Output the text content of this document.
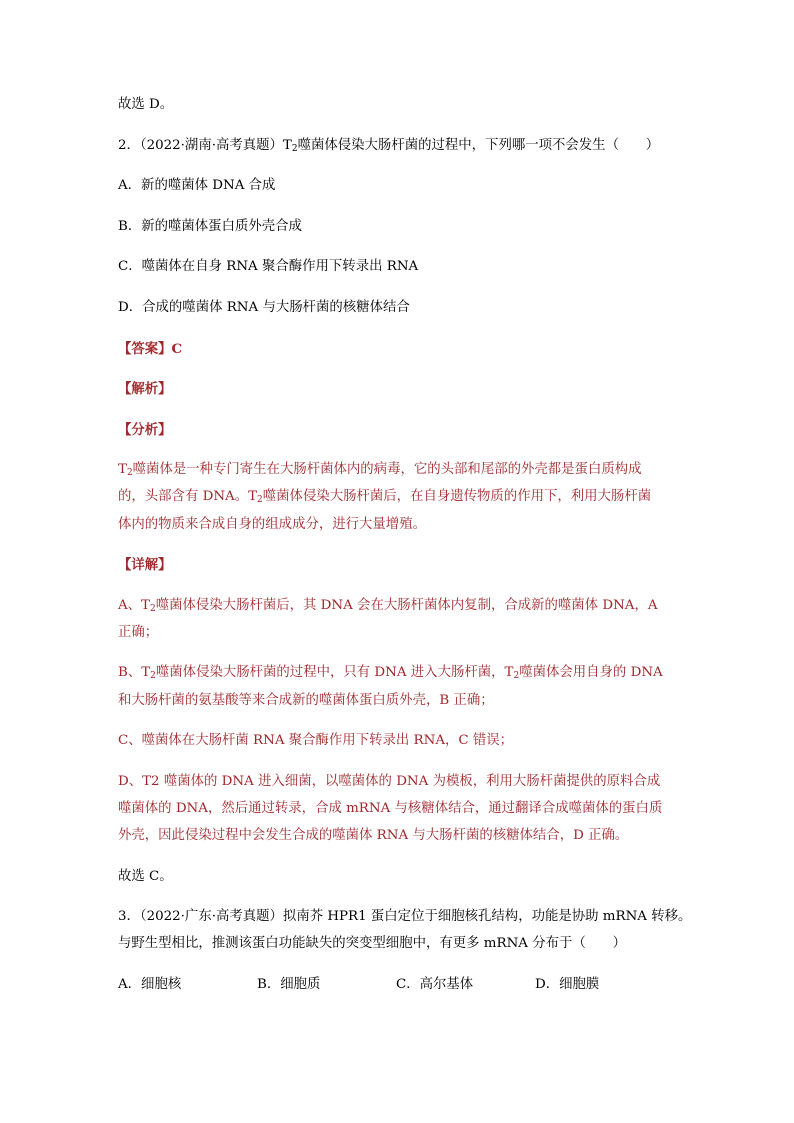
故选 D。
2．（2022·湖南·高考真题）$T_2$噬菌体侵染大肠杆菌的过程中，下列哪一项不会发生（　　）
A．新的噬菌体 DNA 合成
B．新的噬菌体蛋白质外壳合成
C．噬菌体在自身 RNA 聚合酶作用下转录出 RNA
D．合成的噬菌体 RNA 与大肠杆菌的核糖体结合
【答案】C
【解析】
【分析】
$T_2$噬菌体是一种专门寄生在大肠杆菌体内的病毒，它的头部和尾部的外壳都是蛋白质构成
的，头部含有 DNA。$T_2$噬菌体侵染大肠杆菌后，在自身遗传物质的作用下，利用大肠杆菌
体内的物质来合成自身的组成成分，进行大量增殖。
【详解】
A、$T_2$噬菌体侵染大肠杆菌后，其 DNA 会在大肠杆菌体内复制，合成新的噬菌体 DNA，A
正确；
B、$T_2$噬菌体侵染大肠杆菌的过程中，只有 DNA 进入大肠杆菌，$T_2$噬菌体会用自身的 DNA
和大肠杆菌的氨基酸等来合成新的噬菌体蛋白质外壳，B 正确；
C、噬菌体在大肠杆菌 RNA 聚合酶作用下转录出 RNA，C 错误；
D、T2 噬菌体的 DNA 进入细菌，以噬菌体的 DNA 为模板，利用大肠杆菌提供的原料合成
噬菌体的 DNA，然后通过转录，合成 mRNA 与核糖体结合，通过翻译合成噬菌体的蛋白质
外壳，因此侵染过程中会发生合成的噬菌体 RNA 与大肠杆菌的核糖体结合，D 正确。
故选 C。
3．（2022·广东·高考真题）拟南芥 HPR1 蛋白定位于细胞核孔结构，功能是协助 mRNA 转移。
与野生型相比，推测该蛋白功能缺失的突变型细胞中，有更多 mRNA 分布于（　　）
A．细胞核	B．细胞质	C．高尔基体	D．细胞膜
